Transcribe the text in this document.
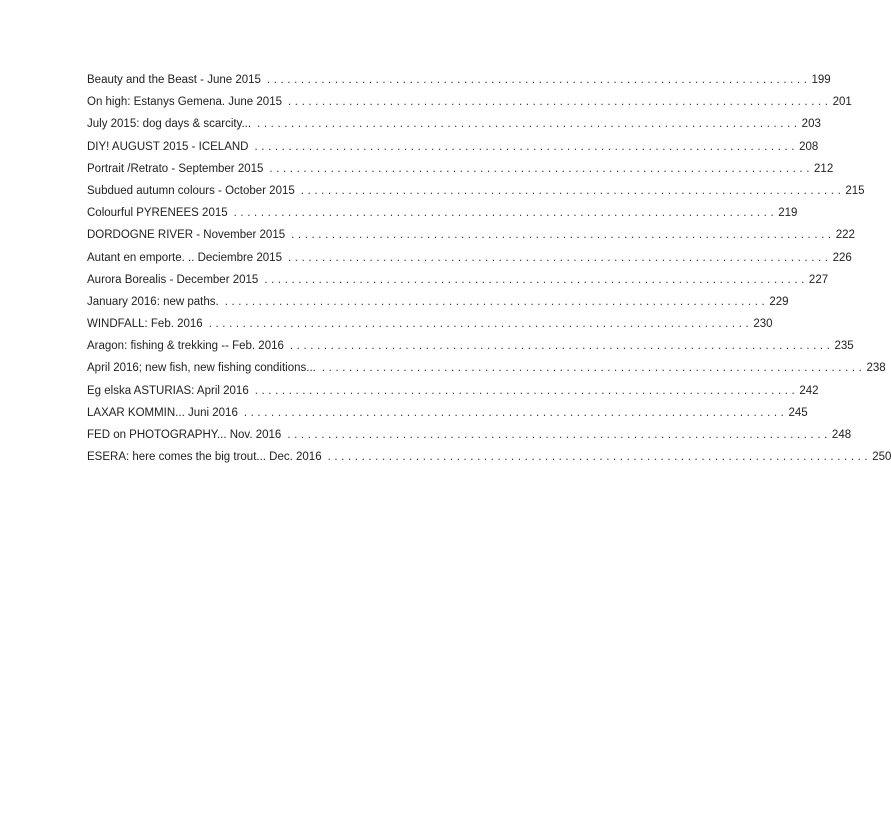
Beauty and the Beast - June 2015 ................................................................................ 199
On high: Estanys Gemena. June 2015 ................................................................................ 201
July 2015: dog days & scarcity... ................................................................................ 203
DIY! AUGUST 2015 - ICELAND ................................................................................ 208
Portrait /Retrato - September 2015 ................................................................................ 212
Subdued autumn colours - October 2015 ................................................................................ 215
Colourful PYRENEES 2015 ................................................................................ 219
DORDOGNE RIVER - November 2015 ................................................................................ 222
Autant en emporte. .. Deciembre 2015 ................................................................................ 226
Aurora Borealis - December 2015 ................................................................................ 227
January 2016: new paths. ................................................................................ 229
WINDFALL: Feb. 2016 ................................................................................ 230
Aragon: fishing & trekking -- Feb. 2016 ................................................................................ 235
April 2016; new fish, new fishing conditions... ................................................................................ 238
Eg elska ASTURIAS: April 2016 ................................................................................ 242
LAXAR KOMMIN... Juni 2016 ................................................................................ 245
FED on PHOTOGRAPHY... Nov. 2016 ................................................................................ 248
ESERA: here comes the big trout... Dec. 2016 ................................................................................ 250
